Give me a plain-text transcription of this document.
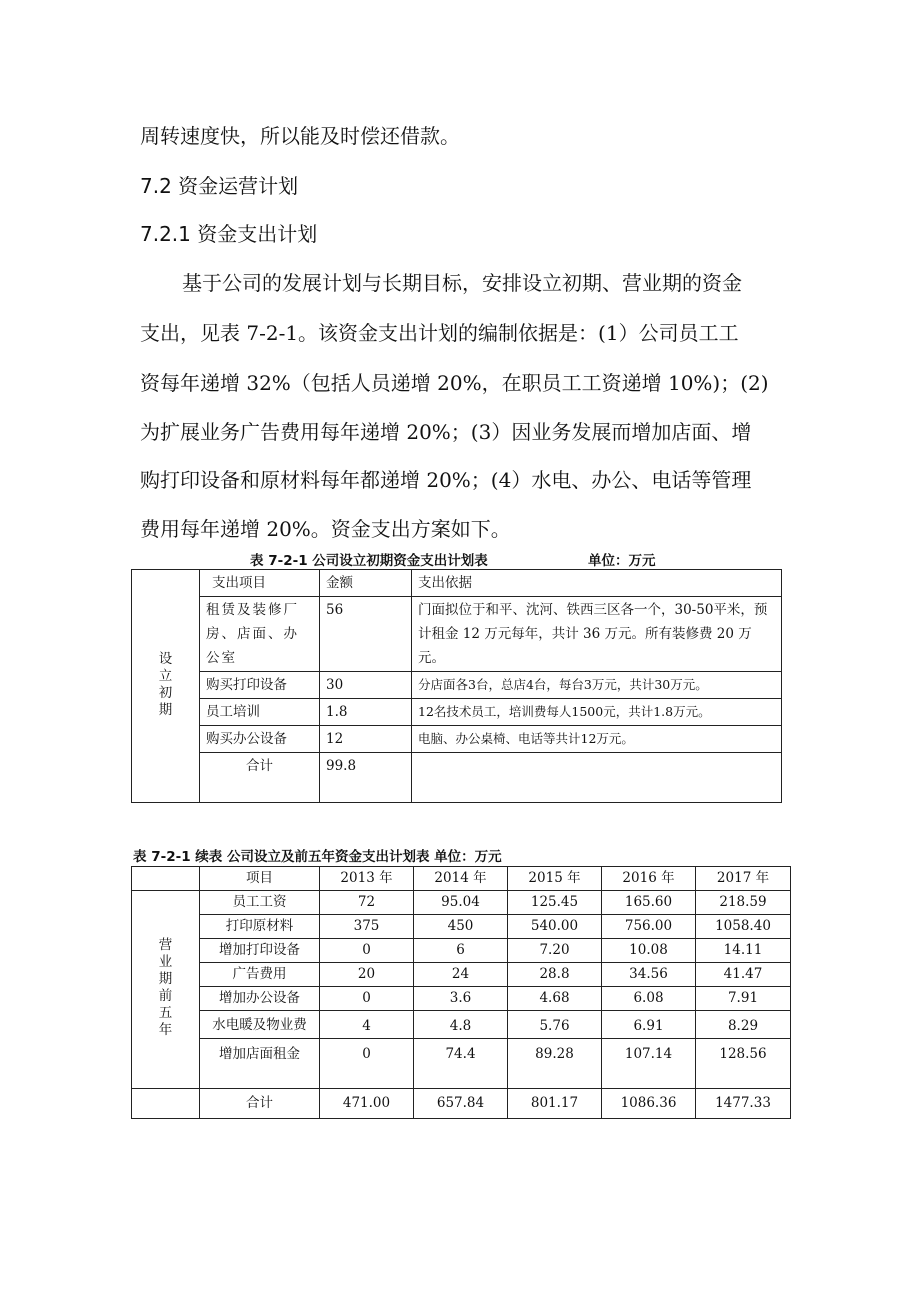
周转速度快，所以能及时偿还借款。
7.2 资金运营计划
7.2.1 资金支出计划
基于公司的发展计划与长期目标，安排设立初期、营业期的资金
支出，见表 7-2-1。该资金支出计划的编制依据是：(1）公司员工工
资每年递增 32%（包括人员递增 20%，在职员工工资递增 10%)；(2)
为扩展业务广告费用每年递增 20%；(3）因业务发展而增加店面、增
购打印设备和原材料每年都递增 20%；(4）水电、办公、电话等管理
费用每年递增 20%。资金支出方案如下。
表 7-2-1 公司设立初期资金支出计划表	单位：万元
设立初期	支出项目	金额	支出依据
	租赁及装修厂房、店面、办公室	56	门面拟位于和平、沈河、铁西三区各一个，30-50平米，预计租金 12 万元每年，共计 36 万元。所有装修费 20 万元。
	购买打印设备	30	分店面各3台，总店4台，每台3万元，共计30万元。
	员工培训	1.8	12名技术员工，培训费每人1500元，共计1.8万元。
	购买办公设备	12	电脑、办公桌椅、电话等共计12万元。
	合计	99.8	
表 7-2-1 续表 公司设立及前五年资金支出计划表 单位：万元
	项目	2013 年	2014 年	2015 年	2016 年	2017 年
营业期前五年	员工工资	72	95.04	125.45	165.60	218.59
	打印原材料	375	450	540.00	756.00	1058.40
	增加打印设备	0	6	7.20	10.08	14.11
	广告费用	20	24	28.8	34.56	41.47
	增加办公设备	0	3.6	4.68	6.08	7.91
	水电暖及物业费	4	4.8	5.76	6.91	8.29
	增加店面租金	0	74.4	89.28	107.14	128.56
	合计	471.00	657.84	801.17	1086.36	1477.33
